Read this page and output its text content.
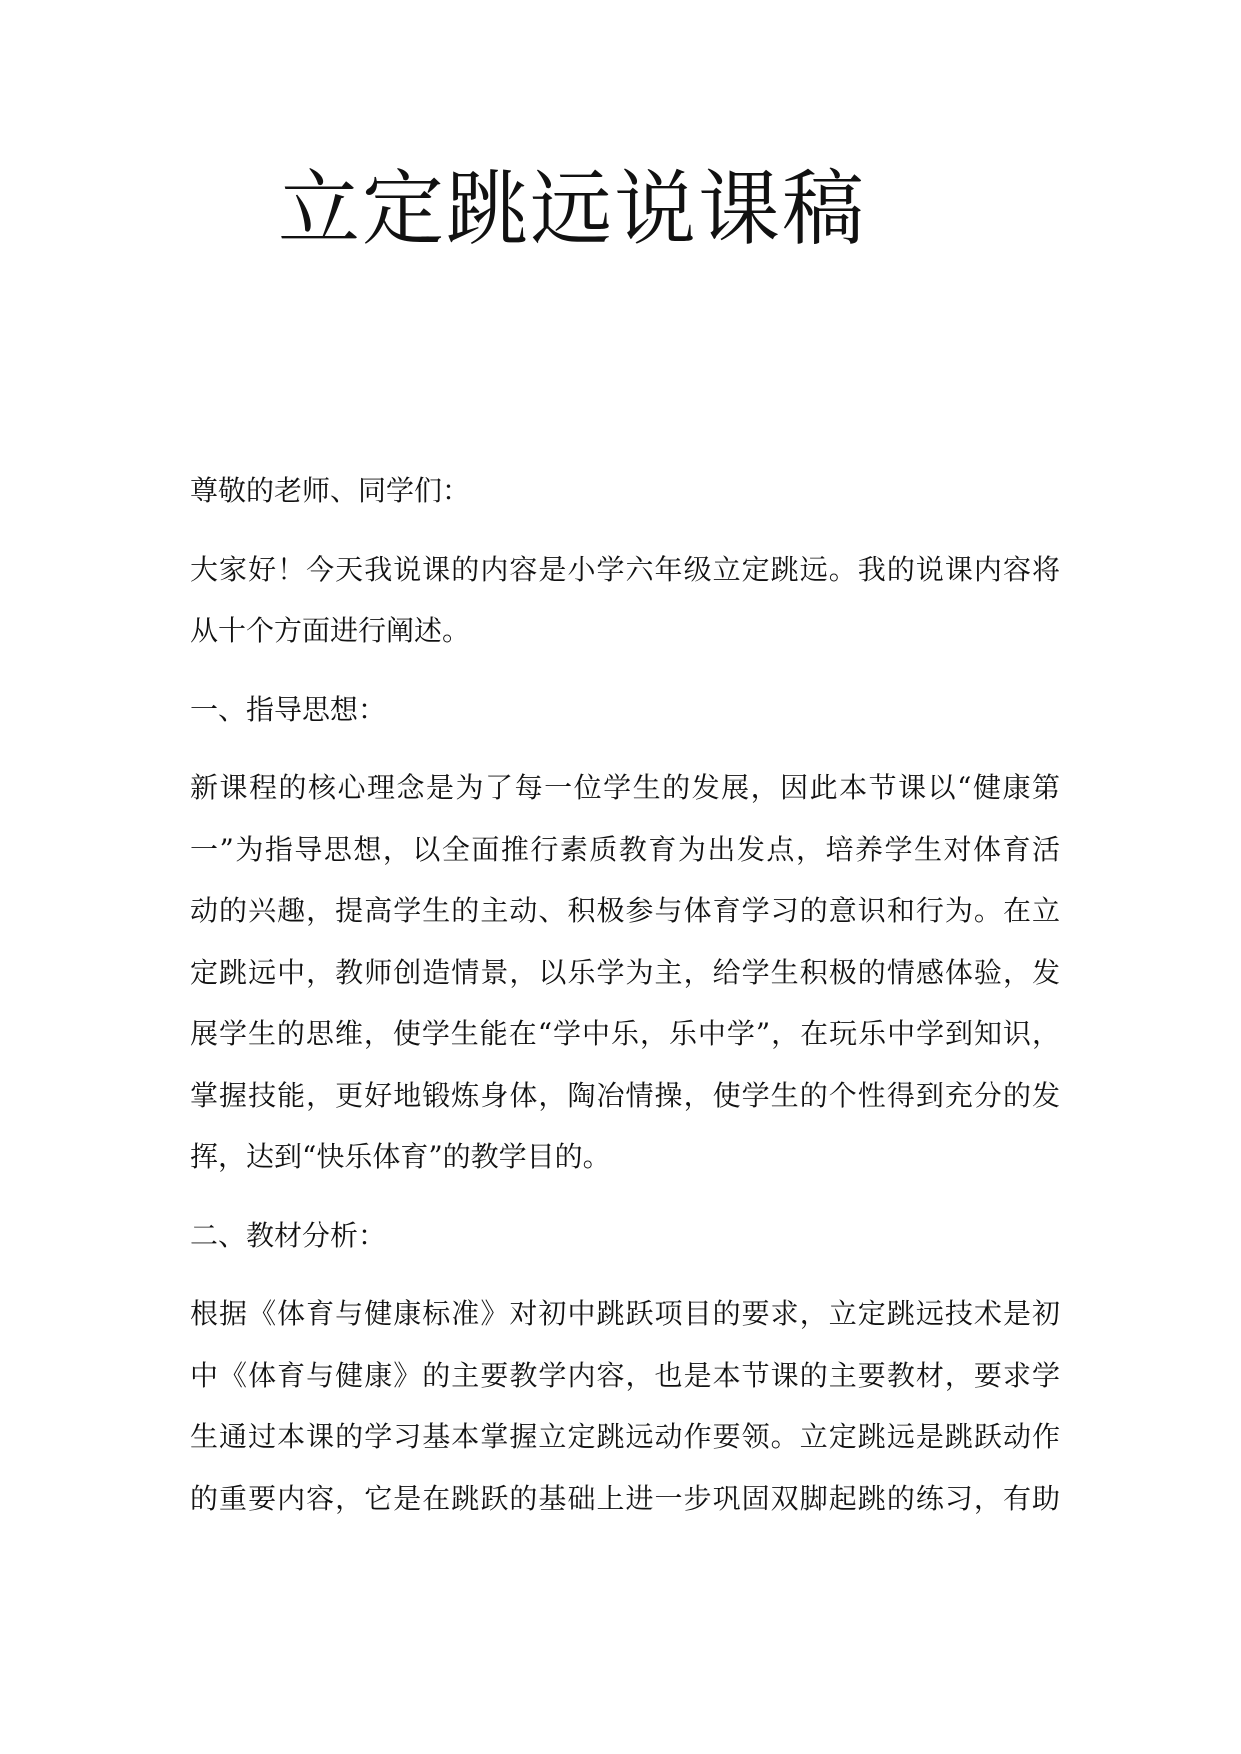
立定跳远说课稿

尊敬的老师、同学们：

大家好！今天我说课的内容是小学六年级立定跳远。我的说课内容将
从十个方面进行阐述。

一、指导思想：

新课程的核心理念是为了每一位学生的发展，因此本节课以“健康第
一”为指导思想，以全面推行素质教育为出发点，培养学生对体育活
动的兴趣，提高学生的主动、积极参与体育学习的意识和行为。在立
定跳远中，教师创造情景，以乐学为主，给学生积极的情感体验，发
展学生的思维，使学生能在“学中乐，乐中学”，在玩乐中学到知识，
掌握技能，更好地锻炼身体，陶冶情操，使学生的个性得到充分的发
挥，达到“快乐体育”的教学目的。

二、教材分析：

根据《体育与健康标准》对初中跳跃项目的要求，立定跳远技术是初
中《体育与健康》的主要教学内容，也是本节课的主要教材，要求学
生通过本课的学习基本掌握立定跳远动作要领。立定跳远是跳跃动作
的重要内容，它是在跳跃的基础上进一步巩固双脚起跳的练习，有助
